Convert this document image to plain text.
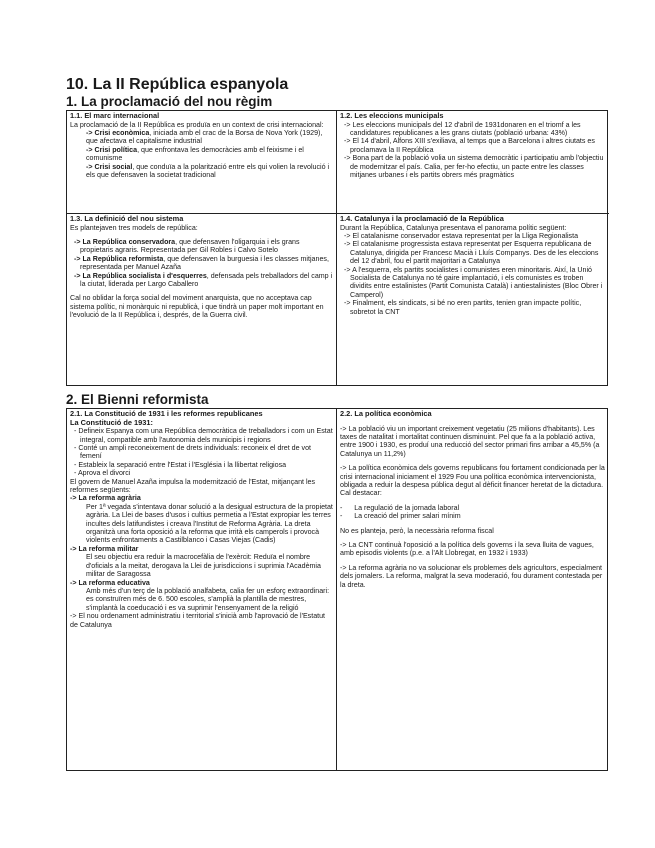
10. La II República espanyola
1. La proclamació del nou règim
1.1. El marc internacional

La proclamació de la II República es produïa en un context de crisi internacional:

-> Crisi econòmica, iniciada amb el crac de la Borsa de Nova York (1929), que afectava el capitalisme industrial

-> Crisi política, que enfrontava les democràcies amb el feixisme i el comunisme

-> Crisi social, que conduïa a la polarització entre els qui volien la revolució i els que defensaven la societat tradicional

1.2. Les eleccions municipals

-> Les eleccions municipals del 12 d'abril de 1931donaren en el triomf a les candidatures republicanes a les grans ciutats (població urbana: 43%)

-> El 14 d'abril, Alfons XIII s'exiliava, al temps que a Barcelona i altres ciutats es proclamava la II República

-> Bona part de la població volia un sistema democràtic i participatiu amb l'objectiu de modernitzar el país. Calia, per fer-ho efectiu, un pacte entre les classes mitjanes urbanes i els partits obrers més pragmàtics

1.3. La definició del nou sistema

Es plantejaven tres models de república:

-> La República conservadora, que defensaven l'oligarquia i els grans propietaris agraris. Representada per Gil Robles i Calvo Sotelo

-> La República reformista, que defensaven la burguesia i les classes mitjanes, representada per Manuel Azaña

-> La República socialista i d'esquerres, defensada pels treballadors del camp i la ciutat, liderada per Largo Caballero

Cal no oblidar la força social del moviment anarquista, que no acceptava cap sistema polític, ni monàrquic ni republicà, i que tindrà un paper molt important en l'evolució de la II República i, després, de la Guerra civil.

1.4. Catalunya i la proclamació de la República

Durant la República, Catalunya presentava el panorama polític següent:

-> El catalanisme conservador estava representat per la Lliga Regionalista

-> El catalanisme progressista estava representat per Esquerra republicana de Catalunya, dirigida per Francesc Macià i Lluís Companys. Des de les eleccions del 12 d'abril, fou el partit majoritari a Catalunya

-> A l'esquerra, els partits socialistes i comunistes eren minoritaris. Així, la Unió Socialista de Catalunya no té gaire implantació, i els comunistes es troben dividits entre estalinistes (Partit Comunista Català) i antiestalinistes (Bloc Obrer i Camperol)

-> Finalment, els sindicats, si bé no eren partits, tenien gran impacte polític, sobretot la CNT

2. El Bienni reformista
2.1. La Constitució de 1931 i les reformes republicanes
La Constitució de 1931:

- Defineix Espanya com una República democràtica de treballadors i com un Estat integral, compatible amb l'autonomia dels municipis i regions

- Conté un ampli reconeixement de drets individuals: reconeix el dret de vot femení

- Estableix la separació entre l'Estat i l'Església i la llibertat religiosa

- Aprova el divorci

El govern de Manuel Azaña impulsa la modernització de l'Estat, mitjançant les reformes següents:

-> La reforma agrària

Per 1ª vegada s'intentava donar solució a la desigual estructura de la propietat agrària. La Llei de bases d'usos i cultius permetia a l'Estat expropiar les terres incultes dels latifundistes i creava l'Institut de Reforma Agrària. La dreta organitzà una forta oposició a la reforma que irrità els camperols i provocà violents enfrontaments a Castilblanco i Casas Viejas (Cadis)

-> La reforma militar

El seu objectiu era reduir la macrocefàlia de l'exèrcit: Reduïa el nombre d'oficials a la meitat, derogava la Llei de jurisdiccions i suprimia l'Acadèmia militar de Saragossa

-> La reforma educativa

Amb més d'un terç de la població analfabeta, calia fer un esforç extraordinari: es construïren més de 6. 500 escoles, s'amplià la plantilla de mestres, s'implantà la coeducació i es va suprimir l'ensenyament de la religió

-> El nou ordenament administratiu i territorial s'inicià amb l'aprovació de l'Estatut de Catalunya

2.2. La política econòmica

-> La població viu un important creixement vegetatiu (25 milions d'habitants). Les taxes de natalitat i mortalitat continuen disminuint. Pel que fa a la població activa, entre 1900 i 1930, es produí una reducció del sector primari fins arribar a 45,5% (a Catalunya un 11,2%)

-> La política econòmica dels governs republicans fou fortament condicionada per la crisi internacional iniciament el 1929 Fou una política econòmica intervencionista, obligada a reduir la despesa pública degut al dèficit financer heretat de la dictadura. Cal destacar:

-      La regulació de la jornada laboral

-      La creació del primer salari mínim

No es planteja, però, la necessària reforma fiscal

-> La CNT continuà l'oposició a la política dels governs i la seva lluita de vagues, amb episodis violents (p.e. a l'Alt Llobregat, en 1932 i 1933)

-> La reforma agrària no va solucionar els problemes dels agricultors, especialment dels jornalers. La reforma, malgrat la seva moderació, fou durament contestada per la dreta.
